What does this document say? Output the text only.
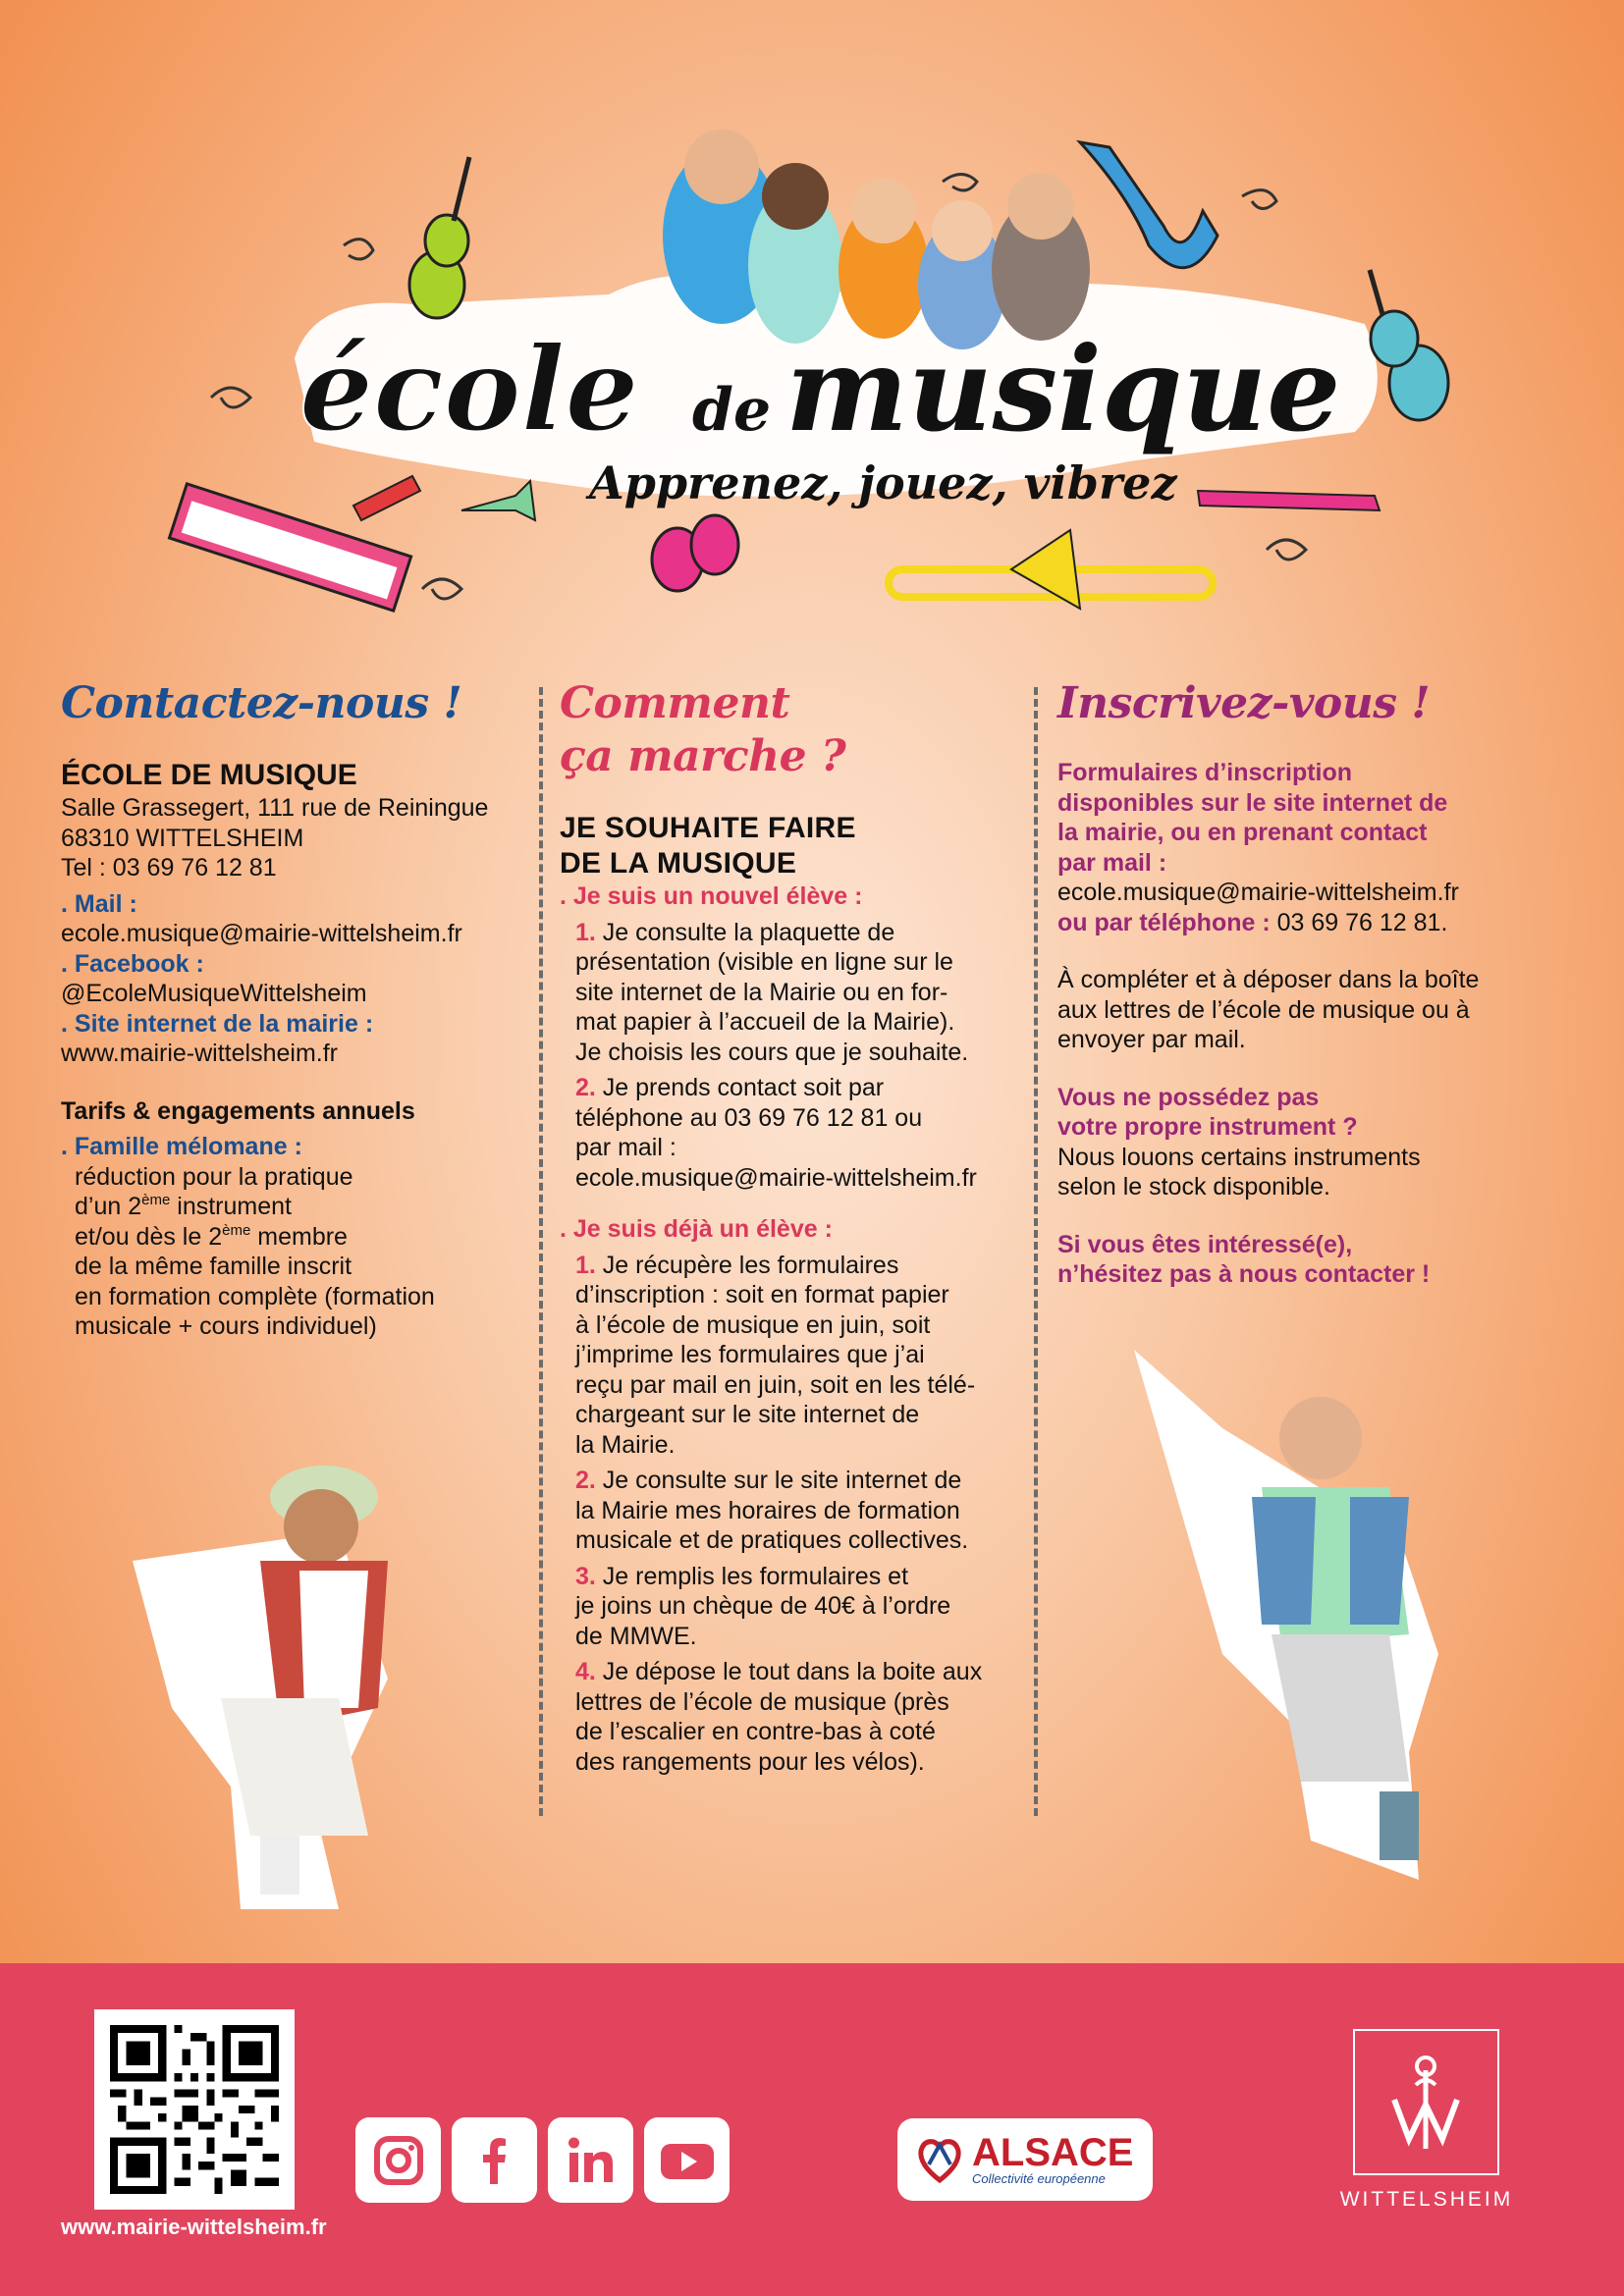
école de musique
Apprenez, jouez, vibrez
Contactez-nous !
ÉCOLE DE MUSIQUE
Salle Grassegert, 111 rue de Reiningue
68310 WITTELSHEIM
Tel : 03 69 76 12 81
. Mail :
ecole.musique@mairie-wittelsheim.fr
. Facebook :
@EcoleMusiqueWittelsheim
. Site internet de la mairie :
www.mairie-wittelsheim.fr
Tarifs & engagements annuels
. Famille mélomane :
réduction pour la pratique
d’un 2ème instrument
et/ou dès le 2ème membre
de la même famille inscrit
en formation complète (formation
musicale + cours individuel)
Comment
ça marche ?
JE SOUHAITE FAIRE
DE LA MUSIQUE
. Je suis un nouvel élève :
1. Je consulte la plaquette de
présentation (visible en ligne sur le
site internet de la Mairie ou en for-
mat papier à l’accueil de la Mairie).
Je choisis les cours que je souhaite.
2. Je prends contact soit par
téléphone au 03 69 76 12 81 ou
par mail :
ecole.musique@mairie-wittelsheim.fr
. Je suis déjà un élève :
1. Je récupère les formulaires
d’inscription : soit en format papier
à l’école de musique en juin, soit
j’imprime les formulaires que j’ai
reçu par mail en juin, soit en les télé-
chargeant sur le site internet de
la Mairie.
2. Je consulte sur le site internet de
la Mairie mes horaires de formation
musicale et de pratiques collectives.
3. Je remplis les formulaires et
je joins un chèque de 40€ à l’ordre
de MMWE.
4. Je dépose le tout dans la boite aux
lettres de l’école de musique (près
de l’escalier en contre-bas à coté
des rangements pour les vélos).
Inscrivez-vous !
Formulaires d’inscription
disponibles sur le site internet de
la mairie, ou en prenant contact
par mail :
ecole.musique@mairie-wittelsheim.fr
ou par téléphone : 03 69 76 12 81.
À compléter et à déposer dans la boîte
aux lettres de l’école de musique ou à
envoyer par mail.
Vous ne possédez pas
votre propre instrument ?
Nous louons certains instruments
selon le stock disponible.
Si vous êtes intéressé(e),
n’hésitez pas à nous contacter !
www.mairie-wittelsheim.fr
ALSACE
Collectivité européenne
WITTELSHEIM
